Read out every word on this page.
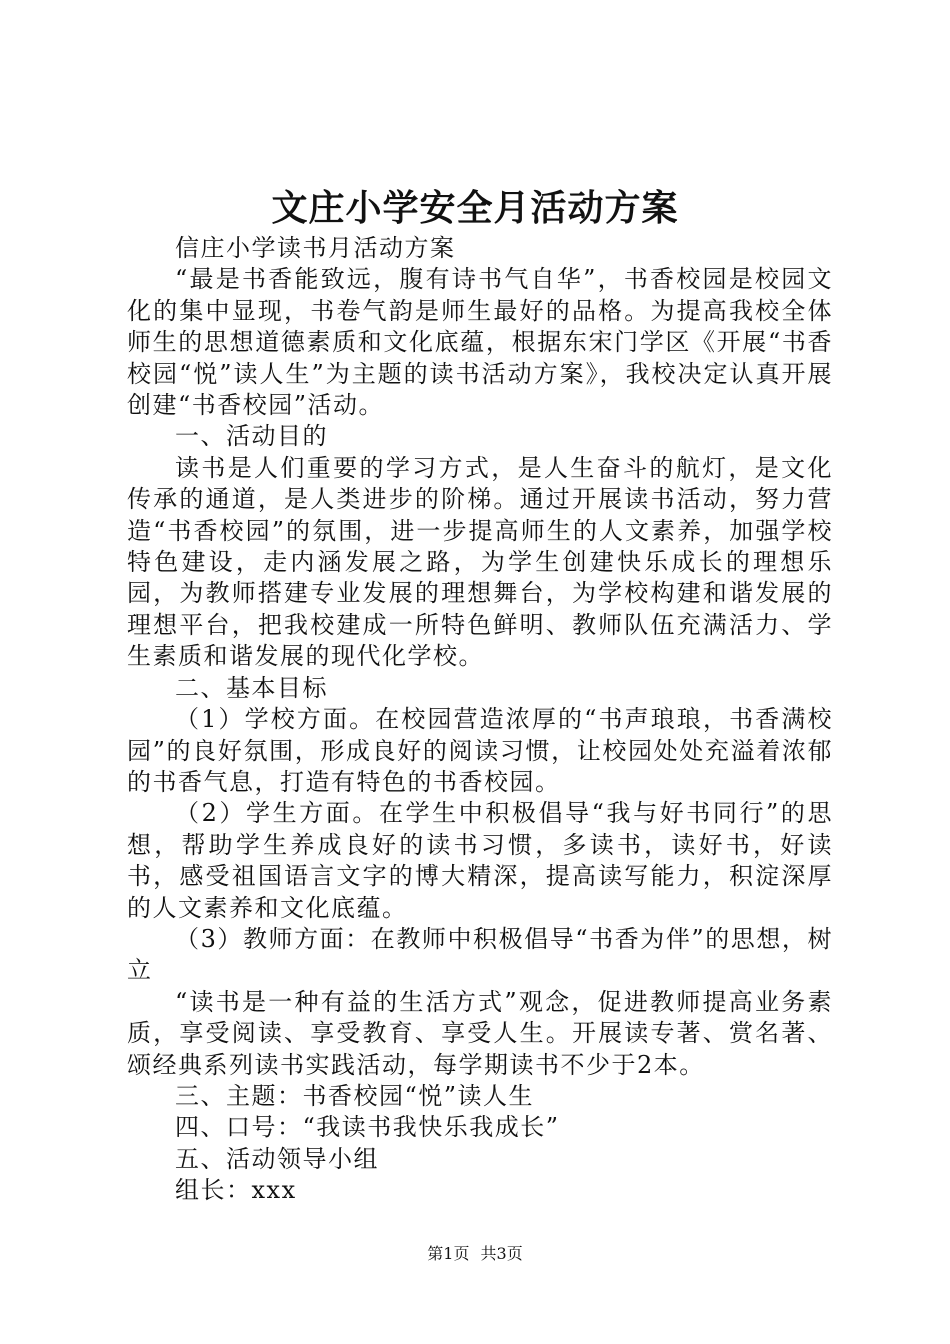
文庄小学安全月活动方案

信庄小学读书月活动方案

“最是书香能致远，腹有诗书气自华”，书香校园是校园文化的集中显现，书卷气韵是师生最好的品格。为提高我校全体师生的思想道德素质和文化底蕴，根据东宋门学区《开展“书香校园“悦”读人生”为主题的读书活动方案》，我校决定认真开展创建“书香校园”活动。

一、活动目的

读书是人们重要的学习方式，是人生奋斗的航灯，是文化传承的通道，是人类进步的阶梯。通过开展读书活动，努力营造“书香校园”的氛围，进一步提高师生的人文素养，加强学校特色建设，走内涵发展之路，为学生创建快乐成长的理想乐园，为教师搭建专业发展的理想舞台，为学校构建和谐发展的理想平台，把我校建成一所特色鲜明、教师队伍充满活力、学生素质和谐发展的现代化学校。

二、基本目标

（1）学校方面。在校园营造浓厚的“书声琅琅，书香满校园”的良好氛围，形成良好的阅读习惯，让校园处处充溢着浓郁的书香气息，打造有特色的书香校园。

（2）学生方面。在学生中积极倡导“我与好书同行”的思想，帮助学生养成良好的读书习惯，多读书，读好书，好读书，感受祖国语言文字的博大精深，提高读写能力，积淀深厚的人文素养和文化底蕴。

（3）教师方面：在教师中积极倡导“书香为伴”的思想，树立

“读书是一种有益的生活方式”观念，促进教师提高业务素质，享受阅读、享受教育、享受人生。开展读专著、赏名著、颂经典系列读书实践活动，每学期读书不少于2本。

三、主题：书香校园“悦”读人生

四、口号：“我读书我快乐我成长”

五、活动领导小组

组长：xxx

第1页 共3页
